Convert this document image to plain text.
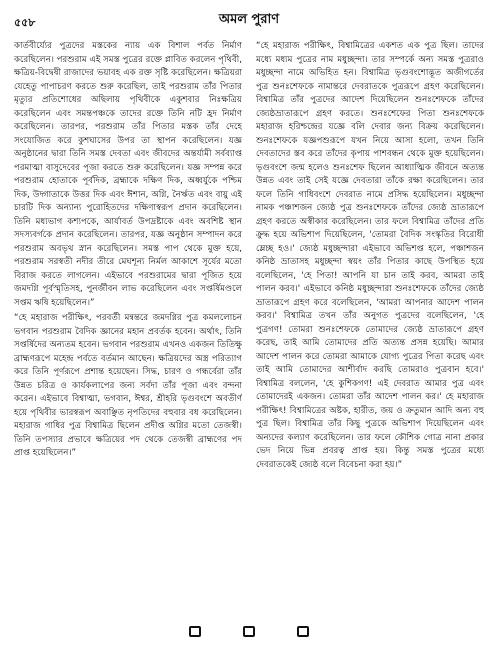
৫৫৮	অমল পুরাণ

কার্তবীর্য্যের পুত্রদের মস্তকের ন্যায় এক বিশাল পর্বত নির্মাণ করেছিলেন। পরশুরাম এই সমস্ত পুত্রের রক্তে প্লাবিত করলেন পৃথিবী, ক্ষত্রিয়-বিদ্বেষী রাজাদের ভয়াবহ এক রক্ত সৃষ্টি করেছিলেন। ক্ষত্রিয়রা যেহেতু পাপাচরণ করতে শুরু করেছিল, তাই পরশুরাম তাঁর পিতার মৃত্যুর প্রতিশোধের অছিলায় পৃথিবীকে একুশবার নিঃক্ষত্রিয় করেছিলেন এবং সমন্তপঞ্চকে তাদের রক্তে তিনি নটি হ্রদ নির্মাণ করেছিলেন। তারপর, পরশুরাম তাঁর পিতার মস্তক তাঁর দেহে সংযোজিত করে কুশঘাসের উপর তা স্থাপন করেছিলেন। যজ্ঞ অনুষ্ঠানের দ্বারা তিনি সমস্ত দেবতা এবং জীবদের অন্তর্যামী সর্বব্যাপ্ত পরমাত্মা বাসুদেবের পূজা করতে শুরু করেছিলেন। যজ্ঞ সম্পন্ন করে পরশুরাম হোতাকে পূর্বদিক, ব্রহ্মাকে দক্ষিণ দিক, অধ্বর্যুকে পশ্চিম দিক, উদ্গাতাকে উত্তর দিক এবং ঈশান, অগ্নি, নৈর্ঋত এবং বায়ু এই চারটি দিক অন্যান্য পুরোহিতদের দক্ষিণাস্বরূপ প্রদান করেছিলেন। তিনি মধ্যভাগ কশ্যপকে, আর্যাবর্ত উপদ্রষ্টাকে এবং অবশিষ্ট স্থান সদস্যবর্গকে প্রদান করেছিলেন। তারপর, যজ্ঞ অনুষ্ঠান সম্পাদন করে পরশুরাম অবভৃথ স্নান করেছিলেন। সমস্ত পাপ থেকে মুক্ত হয়ে, পরশুরাম সরস্বতী নদীর তীরে মেঘশূন্য নির্মল আকাশে সূর্যের মতো বিরাজ করতে লাগলেন। এইভাবে পরশুরামের দ্বারা পূজিত হয়ে জমদগ্নি পূর্বস্মৃতিসহ, পুনর্জীবন লাভ করেছিলেন এবং সপ্তর্ষিমণ্ডলে সপ্তম ঋষি হয়েছিলেন।”

“হে মহারাজ পরীক্ষিৎ, পরবর্তী মন্বন্তরে জমদগ্নির পুত্র কমললোচন ভগবান পরশুরাম বৈদিক জ্ঞানের মহান প্রবর্তক হবেন। অর্থাৎ, তিনি সপ্তর্ষিদের অন্যতম হবেন। ভগবান পরশুরাম এখনও একজন তিতিক্ষু ব্রাহ্মণরূপে মহেন্দ্র পর্বতে বর্তমান আছেন। ক্ষত্রিয়দের অস্ত্র পরিত্যাগ করে তিনি পূর্ণরূপে প্রশান্ত হয়েছেন। সিদ্ধ, চারণ ও গন্ধর্বেরা তাঁর উন্নত চরিত্র ও কার্যকলাপের জন্য সর্বদা তাঁর পূজা এবং বন্দনা করেন। এইভাবে বিশ্বাত্মা, ভগবান, ঈশ্বর, শ্রীহরি ভৃগুবংশে অবতীর্ণ হয়ে পৃথিবীর ভারস্বরূপ অবাঞ্ছিত নৃপতিদের বহুবার বধ করেছিলেন। মহারাজ গাধির পুত্র বিশ্বামিত্র ছিলেন প্রদীপ্ত অগ্নির মতো তেজস্বী। তিনি তপস্যার প্রভাবে ক্ষত্রিয়ের পদ থেকে তেজস্বী ব্রাহ্মণের পদ প্রাপ্ত হয়েছিলেন।”

“হে মহারাজ পরীক্ষিৎ, বিশ্বামিত্রের একশত এক পুত্র ছিল। তাদের মধ্যে মধ্যম পুত্রের নাম মধুচ্ছন্দা। তার সম্পর্কে অন্য সমস্ত পুত্ররাও মধুচ্ছন্দা নামে অভিহিত হন। বিশ্বামিত্র ভৃগুবংশোদ্ভূত অজীগর্তের পুত্র শুনঃশেফকে নামান্তরে দেবরাতকে পুত্ররূপে গ্রহণ করেছিলেন। বিশ্বামিত্র তাঁর পুত্রদের আদেশ দিয়েছিলেন শুনঃশেফকে তাঁদের জ্যেষ্ঠভ্রাতারূপে গ্রহণ করতে। শুনঃশেফের পিতা শুনঃশেফকে মহারাজ হরিশ্চন্দ্রের যজ্ঞে বলি দেবার জন্য বিক্রয় করেছিলেন। শুনঃশেফকে যজ্ঞপশুরূপে যখন নিয়ে আসা হলো, তখন তিনি দেবতাদের স্তব করে তাঁদের কৃপায় পাশবন্ধন থেকে মুক্ত হয়েছিলেন। ভৃগুবংশে জন্ম হলেও শুনঃশেফ ছিলেন আধ্যাত্মিক জীবনে অত্যন্ত উন্নত এবং তাই সেই যজ্ঞে দেবতারা তাঁকে রক্ষা করেছিলেন। তার ফলে তিনি গাধিবংশে দেবরাত নামে প্রসিদ্ধ হয়েছিলেন। মধুচ্ছন্দা নামক পঞ্চাশজন জ্যেষ্ঠ পুত্র শুনঃশেফকে তাঁদের জ্যেষ্ঠ ভ্রাতারূপে গ্রহণ করতে অস্বীকার করেছিলেন। তার ফলে বিশ্বামিত্র তাঁদের প্রতি ক্রুদ্ধ হয়ে অভিশাপ দিয়েছিলেন, 'তোমরা বৈদিক সংস্কৃতির বিরোধী ম্লেচ্ছ হও।' জ্যেষ্ঠ মধুচ্ছন্দারা এইভাবে অভিশপ্ত হলে, পঞ্চাশজন কনিষ্ঠ ভ্রাতাসহ মধুচ্ছন্দা স্বয়ং তাঁর পিতার কাছে উপস্থিত হয়ে বলেছিলেন, 'হে পিতা! আপনি যা চান তাই করব, আমরা তাই পালন করব।' এইভাবে কনিষ্ঠ মধুচ্ছন্দারা শুনঃশেফকে তাঁদের জ্যেষ্ঠ ভ্রাতারূপে গ্রহণ করে বলেছিলেন, 'আমরা আপনার আদেশ পালন করব।' বিশ্বামিত্র তখন তাঁর অনুগত পুত্রদের বলেছিলেন, 'হে পুত্রগণ! তোমরা শুনঃশেফকে তোমাদের জ্যেষ্ঠ ভ্রাতারূপে গ্রহণ করেছ, তাই আমি তোমাদের প্রতি অত্যন্ত প্রসন্ন হয়েছি। আমার আদেশ পালন করে তোমরা আমাকে যোগ্য পুত্রের পিতা করেছ এবং তাই আমি তোমাদের আশীর্বাদ করছি তোমরাও পুত্রবান হবে।' বিশ্বামিত্র বললেন, 'হে কুশিকগণ! এই দেবরাত আমার পুত্র এবং তোমাদেরই একজন। তোমরা তাঁর আদেশ পালন কর।' হে মহারাজ পরীক্ষিৎ! বিশ্বামিত্রের অষ্টক, হারীত, জয় ও ক্রতুমান আদি অন্য বহু পুত্র ছিল। বিশ্বামিত্র তাঁর কিছু পুত্রকে অভিশাপ দিয়েছিলেন এবং অন্যদের কল্যাণ করেছিলেন। তার ফলে কৌশিক গোত্র নানা প্রকার ভেদ নিয়ে ভিন্ন প্রবরত্ব প্রাপ্ত হয়। কিন্তু সমস্ত পুত্রের মধ্যে দেবরাতকেই জ্যেষ্ঠ বলে বিবেচনা করা হয়।”
